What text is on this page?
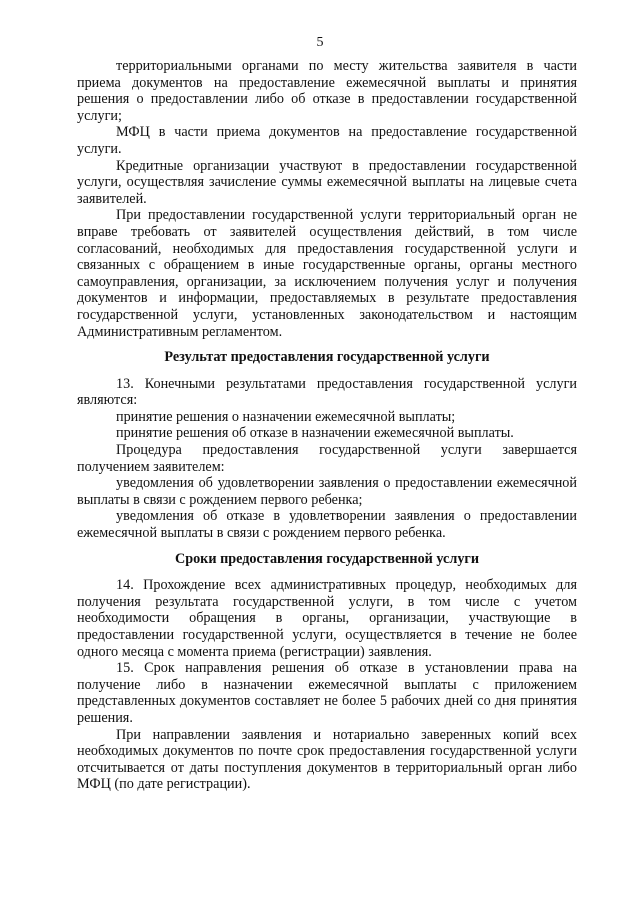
5

территориальными органами по месту жительства заявителя в части приема документов на предоставление ежемесячной выплаты и принятия решения о предоставлении либо об отказе в предоставлении государственной услуги;

МФЦ в части приема документов на предоставление государственной услуги.

Кредитные организации участвуют в предоставлении государственной услуги, осуществляя зачисление суммы ежемесячной выплаты на лицевые счета заявителей.

При предоставлении государственной услуги территориальный орган не вправе требовать от заявителей осуществления действий, в том числе согласований, необходимых для предоставления государственной услуги и связанных с обращением в иные государственные органы, органы местного самоуправления, организации, за исключением получения услуг и получения документов и информации, предоставляемых в результате предоставления государственной услуги, установленных законодательством и настоящим Административным регламентом.

Результат предоставления государственной услуги

13. Конечными результатами предоставления государственной услуги являются:

принятие решения о назначении ежемесячной выплаты;

принятие решения об отказе в назначении ежемесячной выплаты.

Процедура предоставления государственной услуги завершается получением заявителем:

уведомления об удовлетворении заявления о предоставлении ежемесячной выплаты в связи с рождением первого ребенка;

уведомления об отказе в удовлетворении заявления о предоставлении ежемесячной выплаты в связи с рождением первого ребенка.

Сроки предоставления государственной услуги

14. Прохождение всех административных процедур, необходимых для получения результата государственной услуги, в том числе с учетом необходимости обращения в органы, организации, участвующие в предоставлении государственной услуги, осуществляется в течение не более одного месяца с момента приема (регистрации) заявления.

15. Срок направления решения об отказе в установлении права на получение либо в назначении ежемесячной выплаты с приложением представленных документов составляет не более 5 рабочих дней со дня принятия решения.

При направлении заявления и нотариально заверенных копий всех необходимых документов по почте срок предоставления государственной услуги отсчитывается от даты поступления документов в территориальный орган либо МФЦ (по дате регистрации).
